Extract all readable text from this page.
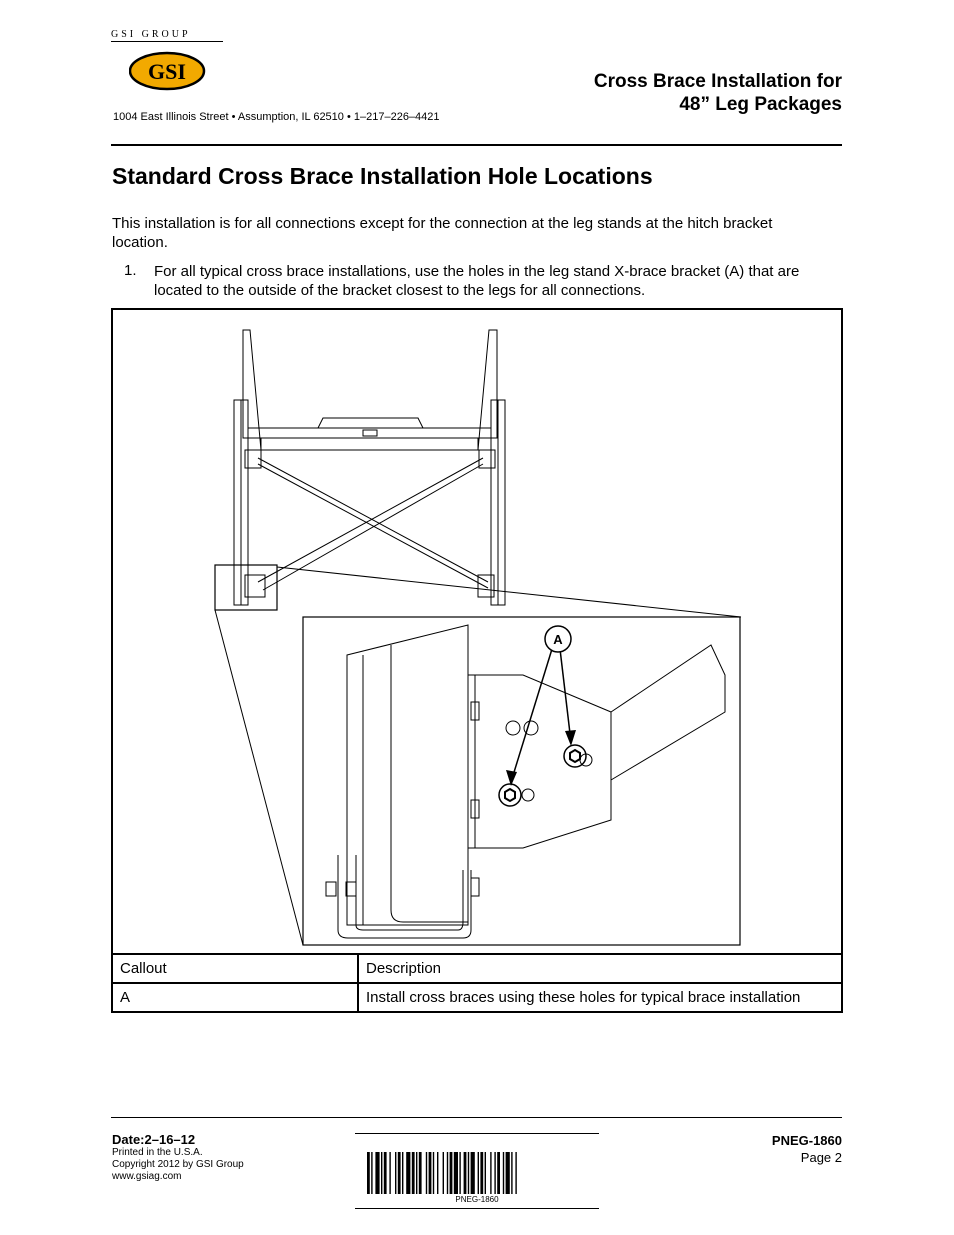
GSI GROUP
GSI
1004 East Illinois Street • Assumption, IL 62510 • 1–217–226–4421
Cross Brace Installation for
48” Leg Packages
Standard Cross Brace Installation Hole Locations
This installation is for all connections except for the connection at the leg stands at the hitch bracket location.
1. For all typical cross brace installations, use the holes in the leg stand X-brace bracket (A) that are located to the outside of the bracket closest to the legs for all connections.
A
Callout	Description
A	Install cross braces using these holes for typical brace installation
Date:2–16–12
Printed in the U.S.A.
Copyright 2012 by GSI Group
www.gsiag.com
PNEG-1860
PNEG-1860
Page 2
